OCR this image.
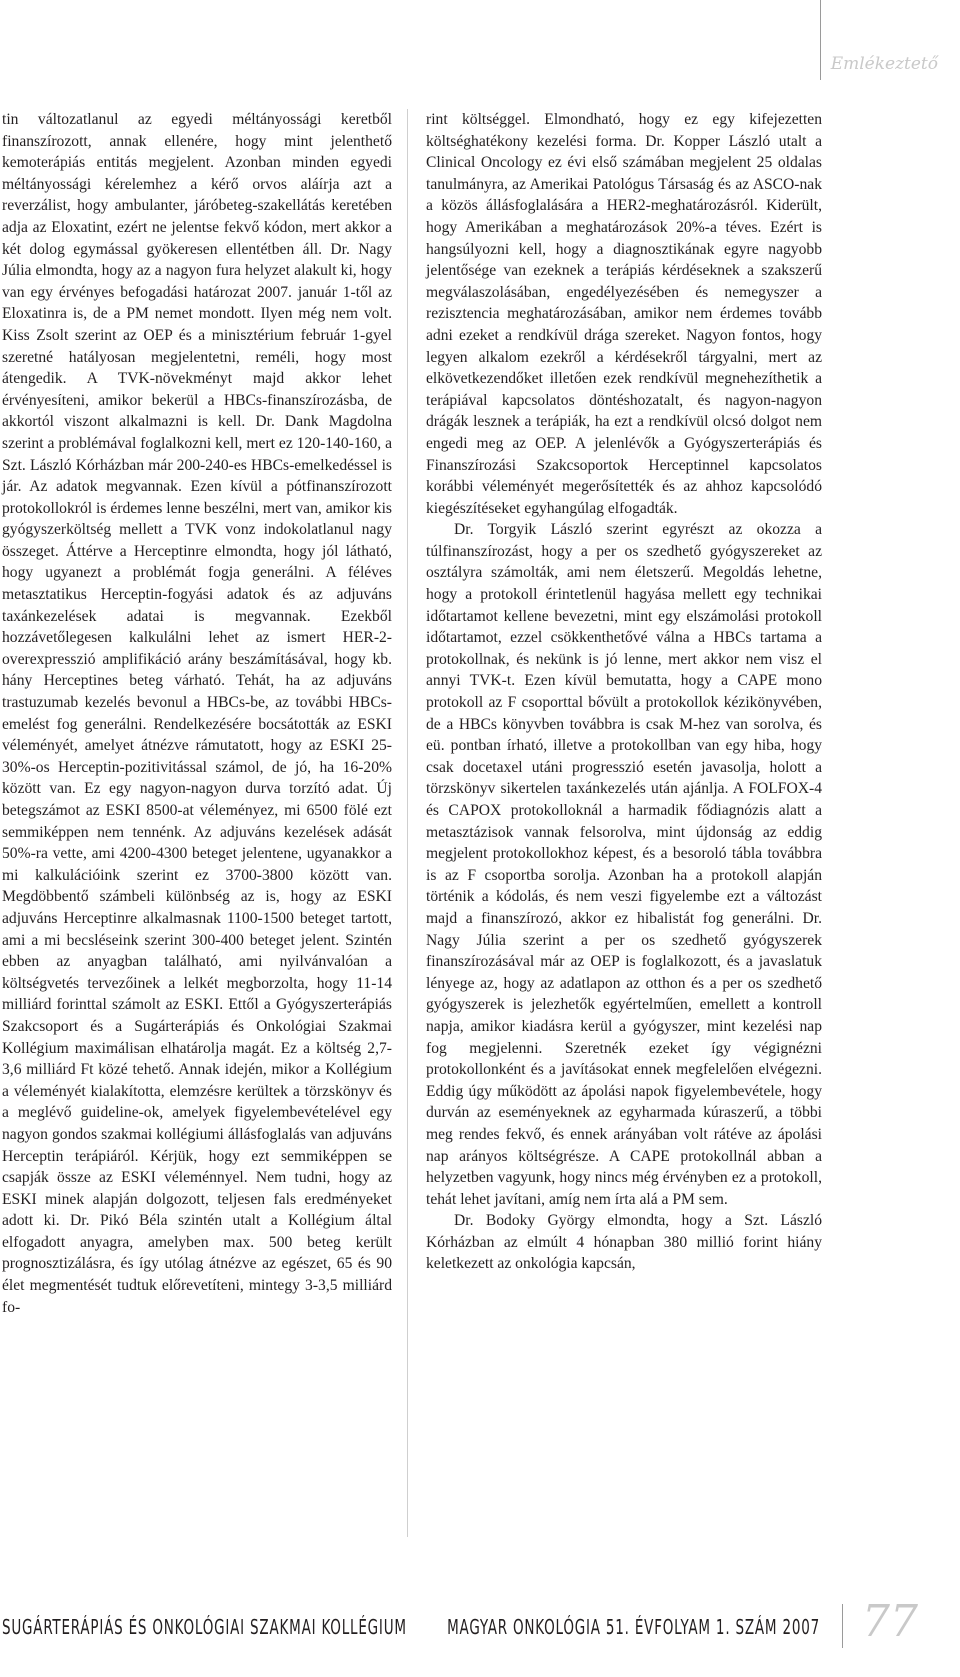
Emlékeztető

tin változatlanul az egyedi méltányossági keretből finanszírozott, annak ellenére, hogy mint jelenthető kemoterápiás entitás megjelent. Azonban minden egyedi méltányossági kérelemhez a kérő orvos aláírja azt a reverzálist, hogy ambulanter, járóbeteg-szakellátás keretében adja az Eloxatint, ezért ne jelentse fekvő kódon, mert akkor a két dolog egymással gyökeresen ellentétben áll. Dr. Nagy Júlia elmondta, hogy az a nagyon fura helyzet alakult ki, hogy van egy érvényes befogadási határozat 2007. január 1-től az Eloxatinra is, de a PM nemet mondott. Ilyen még nem volt. Kiss Zsolt szerint az OEP és a minisztérium február 1-gyel szeretné hatályosan megjelentetni, reméli, hogy most átengedik. A TVK-növekményt majd akkor lehet érvényesíteni, amikor bekerül a HBCs-finanszírozásba, de akkortól viszont alkalmazni is kell. Dr. Dank Magdolna szerint a problémával foglalkozni kell, mert ez 120-140-160, a Szt. László Kórházban már 200-240-es HBCs-emelkedéssel is jár. Az adatok megvannak. Ezen kívül a pótfinanszírozott protokollokról is érdemes lenne beszélni, mert van, amikor kis gyógyszerköltség mellett a TVK vonz indokolatlanul nagy összeget. Áttérve a Herceptinre elmondta, hogy jól látható, hogy ugyanezt a problémát fogja generálni. A féléves metasztatikus Herceptin-fogyási adatok és az adjuváns taxánkezelések adatai is megvannak. Ezekből hozzávetőlegesen kalkulálni lehet az ismert HER-2-overexpresszió amplifikáció arány beszámításával, hogy kb. hány Herceptines beteg várható. Tehát, ha az adjuváns trastuzumab kezelés bevonul a HBCs-be, az további HBCs-emelést fog generálni. Rendelkezésére bocsátották az ESKI véleményét, amelyet átnézve rámutatott, hogy az ESKI 25-30%-os Herceptin-pozitivitással számol, de jó, ha 16-20% között van. Ez egy nagyon-nagyon durva torzító adat. Új betegszámot az ESKI 8500-at véleményez, mi 6500 fölé ezt semmiképpen nem tennénk. Az adjuváns kezelések adását 50%-ra vette, ami 4200-4300 beteget jelentene, ugyanakkor a mi kalkulációink szerint ez 3700-3800 között van. Megdöbbentő számbeli különbség az is, hogy az ESKI adjuváns Herceptinre alkalmasnak 1100-1500 beteget tartott, ami a mi becsléseink szerint 300-400 beteget jelent. Szintén ebben az anyagban található, ami nyilvánvalóan a költségvetés tervezőinek a lelkét megborzolta, hogy 11-14 milliárd forinttal számolt az ESKI. Ettől a Gyógyszerterápiás Szakcsoport és a Sugárterápiás és Onkológiai Szakmai Kollégium maximálisan elhatárolja magát. Ez a költség 2,7-3,6 milliárd Ft közé tehető. Annak idején, mikor a Kollégium a véleményét kialakította, elemzésre kerültek a törzskönyv és a meglévő guideline-ok, amelyek figyelembevételével egy nagyon gondos szakmai kollégiumi állásfoglalás van adjuváns Herceptin terápiáról. Kérjük, hogy ezt semmiképpen se csapják össze az ESKI véleménnyel. Nem tudni, hogy az ESKI minek alapján dolgozott, teljesen fals eredményeket adott ki. Dr. Pikó Béla szintén utalt a Kollégium által elfogadott anyagra, amelyben max. 500 beteg került prognosztizálásra, és így utólag átnézve az egészet, 65 és 90 élet megmentését tudtuk előrevetíteni, mintegy 3-3,5 milliárd fo-

rint költséggel. Elmondható, hogy ez egy kifejezetten költséghatékony kezelési forma. Dr. Kopper László utalt a Clinical Oncology ez évi első számában megjelent 25 oldalas tanulmányra, az Amerikai Patológus Társaság és az ASCO-nak a közös állásfoglalására a HER2-meghatározásról. Kiderült, hogy Amerikában a meghatározások 20%-a téves. Ezért is hangsúlyozni kell, hogy a diagnosztikának egyre nagyobb jelentősége van ezeknek a terápiás kérdéseknek a szakszerű megválaszolásában, engedélyezésében és nemegyszer a rezisztencia meghatározásában, amikor nem érdemes tovább adni ezeket a rendkívül drága szereket. Nagyon fontos, hogy legyen alkalom ezekről a kérdésekről tárgyalni, mert az elkövetkezendőket illetően ezek rendkívül megnehezíthetik a terápiával kapcsolatos döntéshozatalt, és nagyon-nagyon drágák lesznek a terápiák, ha ezt a rendkívül olcsó dolgot nem engedi meg az OEP. A jelenlévők a Gyógyszerterápiás és Finanszírozási Szakcsoportok Herceptinnel kapcsolatos korábbi véleményét megerősítették és az ahhoz kapcsolódó kiegészítéseket egyhangúlag elfogadták.

Dr. Torgyik László szerint egyrészt az okozza a túlfinanszírozást, hogy a per os szedhető gyógyszereket az osztályra számolták, ami nem életszerű. Megoldás lehetne, hogy a protokoll érintetlenül hagyása mellett egy technikai időtartamot kellene bevezetni, mint egy elszámolási protokoll időtartamot, ezzel csökkenthetővé válna a HBCs tartama a protokollnak, és nekünk is jó lenne, mert akkor nem visz el annyi TVK-t. Ezen kívül bemutatta, hogy a CAPE mono protokoll az F csoporttal bővült a protokollok kézikönyvében, de a HBCs könyvben továbbra is csak M-hez van sorolva, és eü. pontban írható, illetve a protokollban van egy hiba, hogy csak docetaxel utáni progresszió esetén javasolja, holott a törzskönyv sikertelen taxánkezelés után ajánlja. A FOLFOX-4 és CAPOX protokolloknál a harmadik fődiagnózis alatt a metasztázisok vannak felsorolva, mint újdonság az eddig megjelent protokollokhoz képest, és a besoroló tábla továbbra is az F csoportba sorolja. Azonban ha a protokoll alapján történik a kódolás, és nem veszi figyelembe ezt a változást majd a finanszírozó, akkor ez hibalistát fog generálni. Dr. Nagy Júlia szerint a per os szedhető gyógyszerek finanszírozásával már az OEP is foglalkozott, és a javaslatuk lényege az, hogy az adatlapon az otthon és a per os szedhető gyógyszerek is jelezhetők egyértelműen, emellett a kontroll napja, amikor kiadásra kerül a gyógyszer, mint kezelési nap fog megjelenni. Szeretnék ezeket így végignézni protokollonként és a javításokat ennek megfelelően elvégezni. Eddig úgy működött az ápolási napok figyelembevétele, hogy durván az eseményeknek az egyharmada kúraszerű, a többi meg rendes fekvő, és ennek arányában volt rátéve az ápolási nap arányos költségrésze. A CAPE protokollnál abban a helyzetben vagyunk, hogy nincs még érvényben ez a protokoll, tehát lehet javítani, amíg nem írta alá a PM sem.

Dr. Bodoky György elmondta, hogy a Szt. László Kórházban az elmúlt 4 hónapban 380 millió forint hiány keletkezett az onkológia kapcsán,

SUGÁRTERÁPIÁS ÉS ONKOLÓGIAI SZAKMAI KOLLÉGIUM	MAGYAR ONKOLÓGIA 51. ÉVFOLYAM 1. SZÁM 2007 77
